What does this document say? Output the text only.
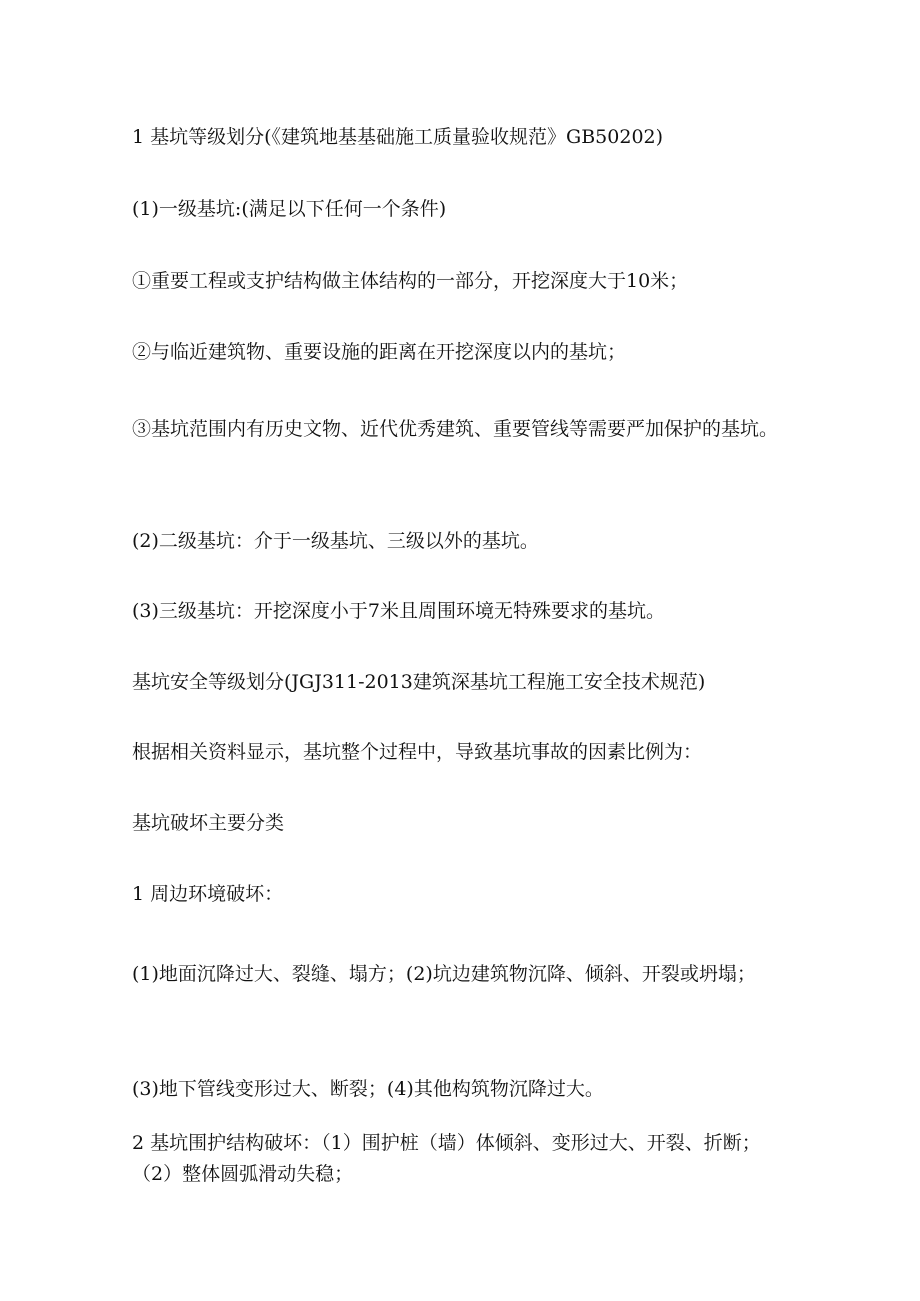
1 基坑等级划分(《建筑地基基础施工质量验收规范》GB50202)
(1)一级基坑:(满足以下任何一个条件)
①重要工程或支护结构做主体结构的一部分，开挖深度大于10米；
②与临近建筑物、重要设施的距离在开挖深度以内的基坑；
③基坑范围内有历史文物、近代优秀建筑、重要管线等需要严加保护的基坑。
(2)二级基坑：介于一级基坑、三级以外的基坑。
(3)三级基坑：开挖深度小于7米且周围环境无特殊要求的基坑。
基坑安全等级划分(JGJ311-2013建筑深基坑工程施工安全技术规范)
根据相关资料显示，基坑整个过程中，导致基坑事故的因素比例为：
基坑破坏主要分类
1 周边环境破坏：
(1)地面沉降过大、裂缝、塌方；(2)坑边建筑物沉降、倾斜、开裂或坍塌；
(3)地下管线变形过大、断裂；(4)其他构筑物沉降过大。
2 基坑围护结构破坏：（1）围护桩（墙）体倾斜、变形过大、开裂、折断；（2）整体圆弧滑动失稳；
